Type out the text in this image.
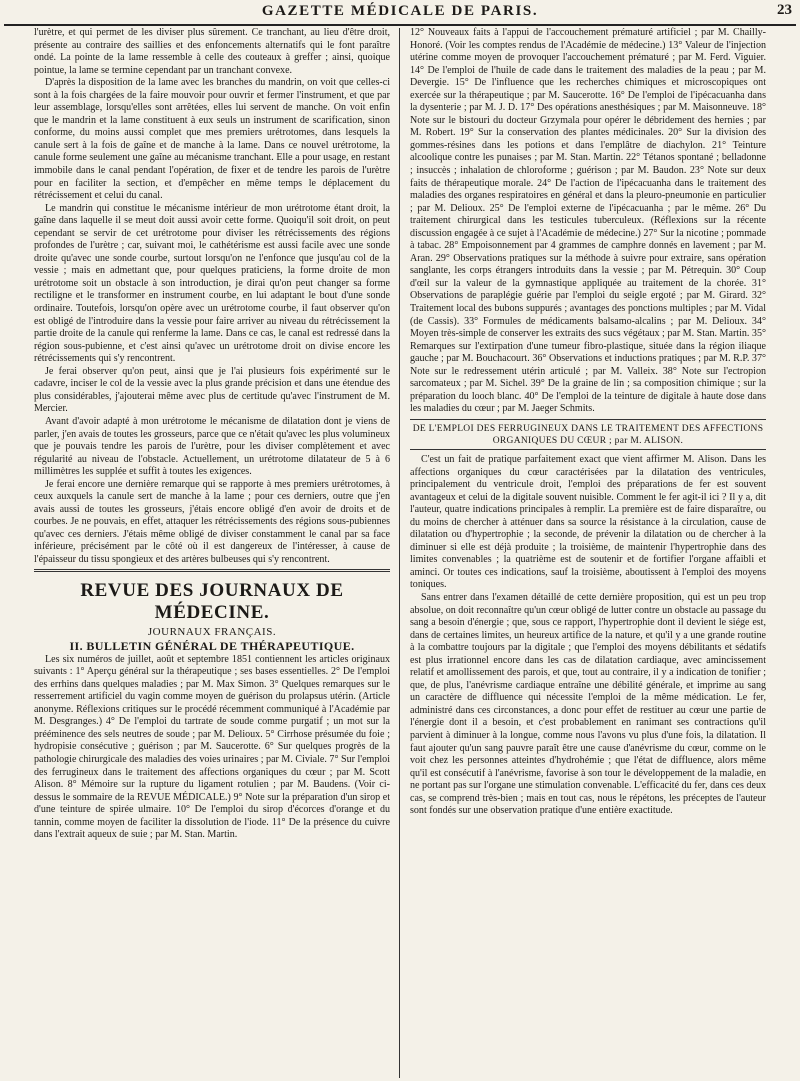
GAZETTE MÉDICALE DE PARIS.	23

l'urètre, et qui permet de les diviser plus sûrement. Ce tranchant, au lieu d'être droit, présente au contraire des saillies et des enfoncements alternatifs qui le font paraître ondé. La pointe de la lame ressemble à celle des couteaux à greffer ; ainsi, quoique pointue, la lame se termine cependant par un tranchant convexe.

D'après la disposition de la lame avec les branches du mandrin, on voit que celles-ci sont à la fois chargées de la faire mouvoir pour ouvrir et fermer l'instrument, et que par leur assemblage, lorsqu'elles sont arrêtées, elles lui servent de manche. On voit enfin que le mandrin et la lame constituent à eux seuls un instrument de scarification, sinon conforme, du moins aussi complet que mes premiers urétrotomes, dans lesquels la canule sert à la fois de gaîne et de manche à la lame. Dans ce nouvel urétrotome, la canule forme seulement une gaîne au mécanisme tranchant. Elle a pour usage, en restant immobile dans le canal pendant l'opération, de fixer et de tendre les parois de l'urètre pour en faciliter la section, et d'empêcher en même temps le déplacement du rétrécissement et celui du canal.

Le mandrin qui constitue le mécanisme intérieur de mon urétrotome étant droit, la gaîne dans laquelle il se meut doit aussi avoir cette forme. Quoiqu'il soit droit, on peut cependant se servir de cet urétrotome pour diviser les rétrécissements des régions profondes de l'urètre ; car, suivant moi, le cathétérisme est aussi facile avec une sonde droite qu'avec une sonde courbe, surtout lorsqu'on ne l'enfonce que jusqu'au col de la vessie ; mais en admettant que, pour quelques praticiens, la forme droite de mon urétrotome soit un obstacle à son introduction, je dirai qu'on peut changer sa forme rectiligne et le transformer en instrument courbe, en lui adaptant le bout d'une sonde ordinaire. Toutefois, lorsqu'on opère avec un urétrotome courbe, il faut observer qu'on est obligé de l'introduire dans la vessie pour faire arriver au niveau du rétrécissement la partie droite de la canule qui renferme la lame. Dans ce cas, le canal est redressé dans la région sous-pubienne, et c'est ainsi qu'avec un urétrotome droit on divise encore les rétrécissements qui s'y rencontrent.

Je ferai observer qu'on peut, ainsi que je l'ai plusieurs fois expérimenté sur le cadavre, inciser le col de la vessie avec la plus grande précision et dans une étendue des plus considérables, j'ajouterai même avec plus de certitude qu'avec l'instrument de M. Mercier.

Avant d'avoir adapté à mon urétrotome le mécanisme de dilatation dont je viens de parler, j'en avais de toutes les grosseurs, parce que ce n'était qu'avec les plus volumineux que je pouvais tendre les parois de l'urètre, pour les diviser complètement et avec régularité au niveau de l'obstacle. Actuellement, un urétrotome dilatateur de 5 à 6 millimètres les supplée et suffit à toutes les exigences.

Je ferai encore une dernière remarque qui se rapporte à mes premiers urétrotomes, à ceux auxquels la canule sert de manche à la lame ; pour ces derniers, outre que j'en avais aussi de toutes les grosseurs, j'étais encore obligé d'en avoir de droits et de courbes. Je ne pouvais, en effet, attaquer les rétrécissements des régions sous-pubiennes qu'avec ces derniers. J'étais même obligé de diviser constamment le canal par sa face inférieure, précisément par le côté où il est dangereux de l'intéresser, à cause de l'épaisseur du tissu spongieux et des artères bulbeuses qui s'y rencontrent.

REVUE DES JOURNAUX DE MÉDECINE.
JOURNAUX FRANÇAIS.
II. BULLETIN GÉNÉRAL DE THÉRAPEUTIQUE.

Les six numéros de juillet, août et septembre 1851 contiennent les articles originaux suivants : 1° Aperçu général sur la thérapeutique ; ses bases essentielles. 2° De l'emploi des errhins dans quelques maladies ; par M. Max Simon. 3° Quelques remarques sur le resserrement artificiel du vagin comme moyen de guérison du prolapsus utérin. (Article anonyme. Réflexions critiques sur le procédé récemment communiqué à l'Académie par M. Desgranges.) 4° De l'emploi du tartrate de soude comme purgatif ; un mot sur la prééminence des sels neutres de soude ; par M. Delioux. 5° Cirrhose présumée du foie ; hydropisie consécutive ; guérison ; par M. Saucerotte. 6° Sur quelques progrès de la pathologie chirurgicale des maladies des voies urinaires ; par M. Civiale. 7° Sur l'emploi des ferrugineux dans le traitement des affections organiques du cœur ; par M. Scott Alison. 8° Mémoire sur la rupture du ligament rotulien ; par M. Baudens. (Voir ci-dessus le sommaire de la REVUE MÉDICALE.) 9° Note sur la préparation d'un sirop et d'une teinture de spirée ulmaire. 10° De l'emploi du sirop d'écorces d'orange et du tannin, comme moyen de faciliter la dissolution de l'iode. 11° De la présence du cuivre dans l'extrait aqueux de suie ; par M. Stan. Martin.

12° Nouveaux faits à l'appui de l'accouchement prématuré artificiel ; par M. Chailly-Honoré. (Voir les comptes rendus de l'Académie de médecine.) 13° Valeur de l'injection utérine comme moyen de provoquer l'accouchement prématuré ; par M. Ferd. Viguier. 14° De l'emploi de l'huile de cade dans le traitement des maladies de la peau ; par M. Devergie. 15° De l'influence que les recherches chimiques et microscopiques ont exercée sur la thérapeutique ; par M. Saucerotte. 16° De l'emploi de l'ipécacuanha dans la dysenterie ; par M. J. D. 17° Des opérations anesthésiques ; par M. Maisonneuve. 18° Note sur le bistouri du docteur Grzymala pour opérer le débridement des hernies ; par M. Robert. 19° Sur la conservation des plantes médicinales. 20° Sur la division des gommes-résines dans les potions et dans l'emplâtre de diachylon. 21° Teinture alcoolique contre les punaises ; par M. Stan. Martin. 22° Tétanos spontané ; belladonne ; insuccès ; inhalation de chloroforme ; guérison ; par M. Baudon. 23° Note sur deux faits de thérapeutique morale. 24° De l'action de l'ipécacuanha dans le traitement des maladies des organes respiratoires en général et dans la pleuro-pneumonie en particulier ; par M. Delioux. 25° De l'emploi externe de l'ipécacuanha ; par le même. 26° Du traitement chirurgical dans les testicules tuberculeux. (Réflexions sur la récente discussion engagée à ce sujet à l'Académie de médecine.) 27° Sur la nicotine ; pommade à tabac. 28° Empoisonnement par 4 grammes de camphre donnés en lavement ; par M. Aran. 29° Observations pratiques sur la méthode à suivre pour extraire, sans opération sanglante, les corps étrangers introduits dans la vessie ; par M. Pétrequin. 30° Coup d'œil sur la valeur de la gymnastique appliquée au traitement de la chorée. 31° Observations de paraplégie guérie par l'emploi du seigle ergoté ; par M. Girard. 32° Traitement local des bubons suppurés ; avantages des ponctions multiples ; par M. Vidal (de Cassis). 33° Formules de médicaments balsamo-alcalins ; par M. Delioux. 34° Moyen très-simple de conserver les extraits des sucs végétaux ; par M. Stan. Martin. 35° Remarques sur l'extirpation d'une tumeur fibro-plastique, située dans la région iliaque gauche ; par M. Bouchacourt. 36° Observations et inductions pratiques ; par M. R.P. 37° Note sur le redressement utérin articulé ; par M. Valleix. 38° Note sur l'ectropion sarcomateux ; par M. Sichel. 39° De la graine de lin ; sa composition chimique ; sur la préparation du looch blanc. 40° De l'emploi de la teinture de digitale à haute dose dans les maladies du cœur ; par M. Jaeger Schmits.

DE L'EMPLOI DES FERRUGINEUX DANS LE TRAITEMENT DES AFFECTIONS ORGANIQUES DU CŒUR ; par M. ALISON.

C'est un fait de pratique parfaitement exact que vient affirmer M. Alison. Dans les affections organiques du cœur caractérisées par la dilatation des ventricules, principalement du ventricule droit, l'emploi des préparations de fer est souvent avantageux et celui de la digitale souvent nuisible. Comment le fer agit-il ici ? Il y a, dit l'auteur, quatre indications principales à remplir. La première est de faire disparaître, ou du moins de chercher à atténuer dans sa source la résistance à la circulation, cause de dilatation ou d'hypertrophie ; la seconde, de prévenir la dilatation ou de chercher à la diminuer si elle est déjà produite ; la troisième, de maintenir l'hypertrophie dans des limites convenables ; la quatrième est de soutenir et de fortifier l'organe affaibli et aminci. Or toutes ces indications, sauf la troisième, aboutissent à l'emploi des moyens toniques.

Sans entrer dans l'examen détaillé de cette dernière proposition, qui est un peu trop absolue, on doit reconnaître qu'un cœur obligé de lutter contre un obstacle au passage du sang a besoin d'énergie ; que, sous ce rapport, l'hypertrophie dont il devient le siége est, dans de certaines limites, un heureux artifice de la nature, et qu'il y a une grande routine à la combattre toujours par la digitale ; que l'emploi des moyens débilitants et sédatifs est plus irrationnel encore dans les cas de dilatation cardiaque, avec amincissement relatif et amollissement des parois, et que, tout au contraire, il y a indication de tonifier ; que, de plus, l'anévrisme cardiaque entraîne une débilité générale, et imprime au sang un caractère de diffluence qui nécessite l'emploi de la même médication. Le fer, administré dans ces circonstances, a donc pour effet de restituer au cœur une partie de l'énergie dont il a besoin, et c'est probablement en ranimant ses contractions qu'il parvient à diminuer à la longue, comme nous l'avons vu plus d'une fois, la dilatation. Il faut ajouter qu'un sang pauvre paraît être une cause d'anévrisme du cœur, comme on le voit chez les personnes atteintes d'hydrohémie ; que l'état de diffluence, alors même qu'il est consécutif à l'anévrisme, favorise à son tour le développement de la maladie, en ne portant pas sur l'organe une stimulation convenable. L'efficacité du fer, dans ces deux cas, se comprend très-bien ; mais en tout cas, nous le répétons, les préceptes de l'auteur sont fondés sur une observation pratique d'une entière exactitude.
